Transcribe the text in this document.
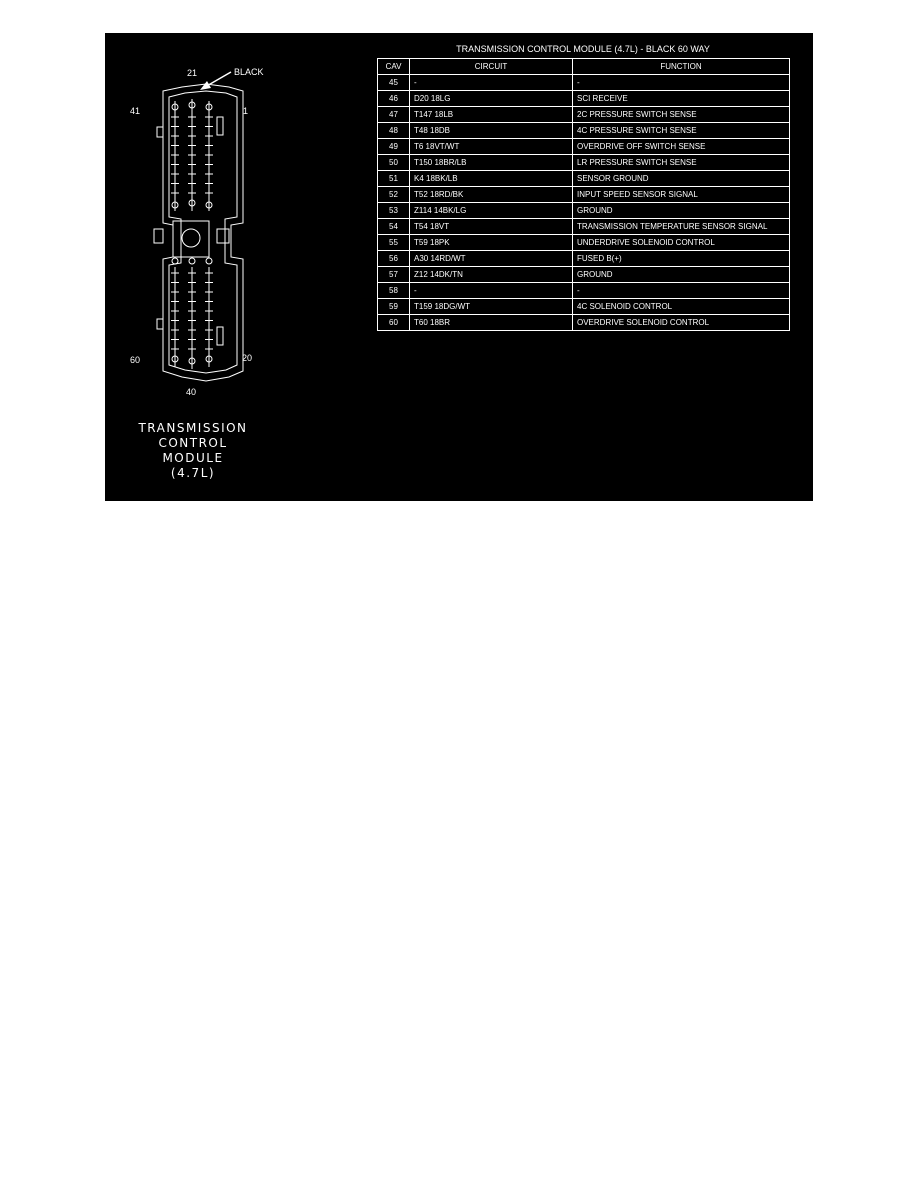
21	BLACK
41	1
60	20
40
TRANSMISSION
CONTROL
MODULE
(4.7L)
TRANSMISSION CONTROL MODULE (4.7L) - BLACK 60 WAY
CAV	CIRCUIT	FUNCTION
45	-	-
46	D20 18LG	SCI RECEIVE
47	T147 18LB	2C PRESSURE SWITCH SENSE
48	T48 18DB	4C PRESSURE SWITCH SENSE
49	T6 18VT/WT	OVERDRIVE OFF SWITCH SENSE
50	T150 18BR/LB	LR PRESSURE SWITCH SENSE
51	K4 18BK/LB	SENSOR GROUND
52	T52 18RD/BK	INPUT SPEED SENSOR SIGNAL
53	Z114 14BK/LG	GROUND
54	T54 18VT	TRANSMISSION TEMPERATURE SENSOR SIGNAL
55	T59 18PK	UNDERDRIVE SOLENOID CONTROL
56	A30 14RD/WT	FUSED B(+)
57	Z12 14DK/TN	GROUND
58	-	-
59	T159 18DG/WT	4C SOLENOID CONTROL
60	T60 18BR	OVERDRIVE SOLENOID CONTROL
